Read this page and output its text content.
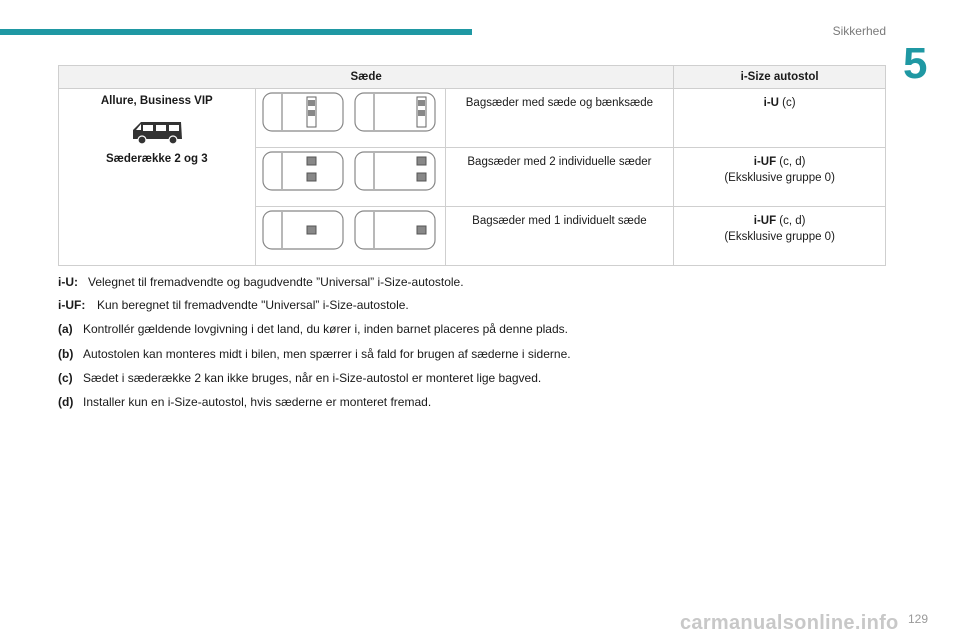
Sikkerhed
5
Sæde			i-Size autostol

Allure, Business VIP
Sæderække 2 og 3		Bagsæder med sæde og bænksæde	i-U (c)
	Bagsæder med 2 individuelle sæder	i-UF (c, d)
(Eksklusive gruppe 0)
	Bagsæder med 1 individuelt sæde	i-UF (c, d)
(Eksklusive gruppe 0)
i-U: Velegnet til fremadvendte og bagudvendte ”Universal” i-Size-autostole.
i-UF: Kun beregnet til fremadvendte "Universal” i-Size-autostole.
(a) Kontrollér gældende lovgivning i det land, du kører i, inden barnet placeres på denne plads.
(b) Autostolen kan monteres midt i bilen, men spærrer i så fald for brugen af sæderne i siderne.
(c) Sædet i sæderække 2 kan ikke bruges, når en i-Size-autostol er monteret lige bagved.
(d) Installer kun en i-Size-autostol, hvis sæderne er monteret fremad.
carmanualsonline.info 129
